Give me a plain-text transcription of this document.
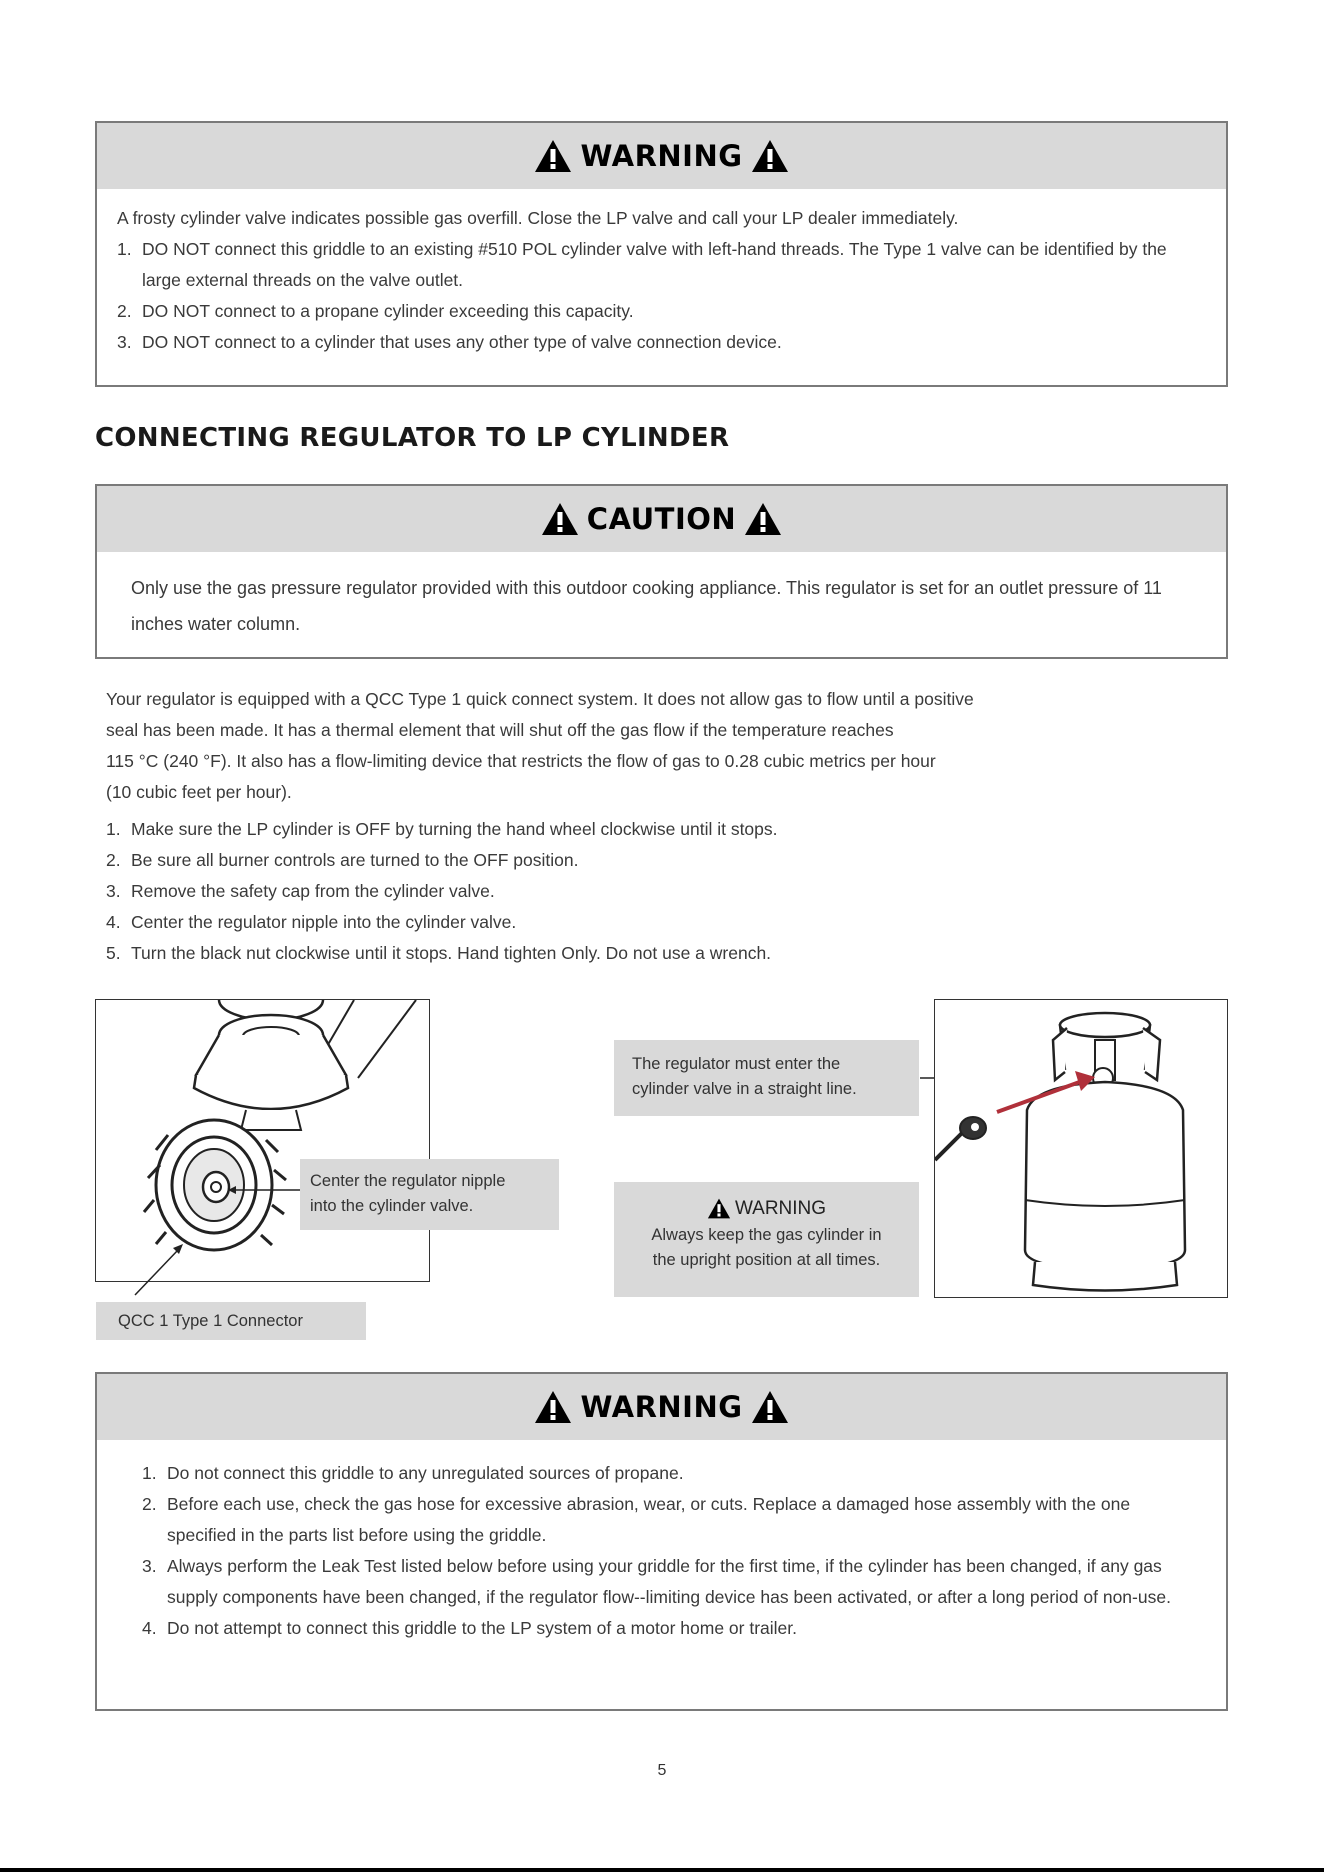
WARNING

A frosty cylinder valve indicates possible gas overfill. Close the LP valve and call your LP dealer immediately.

1. DO NOT connect this griddle to an existing #510 POL cylinder valve with left-hand threads. The Type 1 valve can be identified by the large external threads on the valve outlet.
2. DO NOT connect to a propane cylinder exceeding this capacity.
3. DO NOT connect to a cylinder that uses any other type of valve connection device.
CONNECTING REGULATOR TO LP CYLINDER
CAUTION

Only use the gas pressure regulator provided with this outdoor cooking appliance. This regulator is set for an outlet pressure of 11 inches water column.

Your regulator is equipped with a QCC Type 1 quick connect system. It does not allow gas to flow until a positive
seal has been made. It has a thermal element that will shut off the gas flow if the temperature reaches
115 °C (240 °F). It also has a flow-limiting device that restricts the flow of gas to 0.28 cubic metrics per hour
(10 cubic feet per hour).
1. Make sure the LP cylinder is OFF by turning the hand wheel clockwise until it stops.
2. Be sure all burner controls are turned to the OFF position.
3. Remove the safety cap from the cylinder valve.
4. Center the regulator nipple into the cylinder valve.
5. Turn the black nut clockwise until it stops. Hand tighten Only. Do not use a wrench.
Center the regulator nipple
into the cylinder valve.
QCC 1 Type 1 Connector
The regulator must enter the
cylinder valve in a straight line.
WARNING
Always keep the gas cylinder in
the upright position at all times.
WARNING
1. Do not connect this griddle to any unregulated sources of propane.
2. Before each use, check the gas hose for excessive abrasion, wear, or cuts. Replace a damaged hose assembly with the one specified in the parts list before using the griddle.
3. Always perform the Leak Test listed below before using your griddle for the first time, if the cylinder has been changed, if any gas supply components have been changed, if the regulator flow--limiting device has been activated, or after a long period of non-use.
4. Do not attempt to connect this griddle to the LP system of a motor home or trailer.
5
